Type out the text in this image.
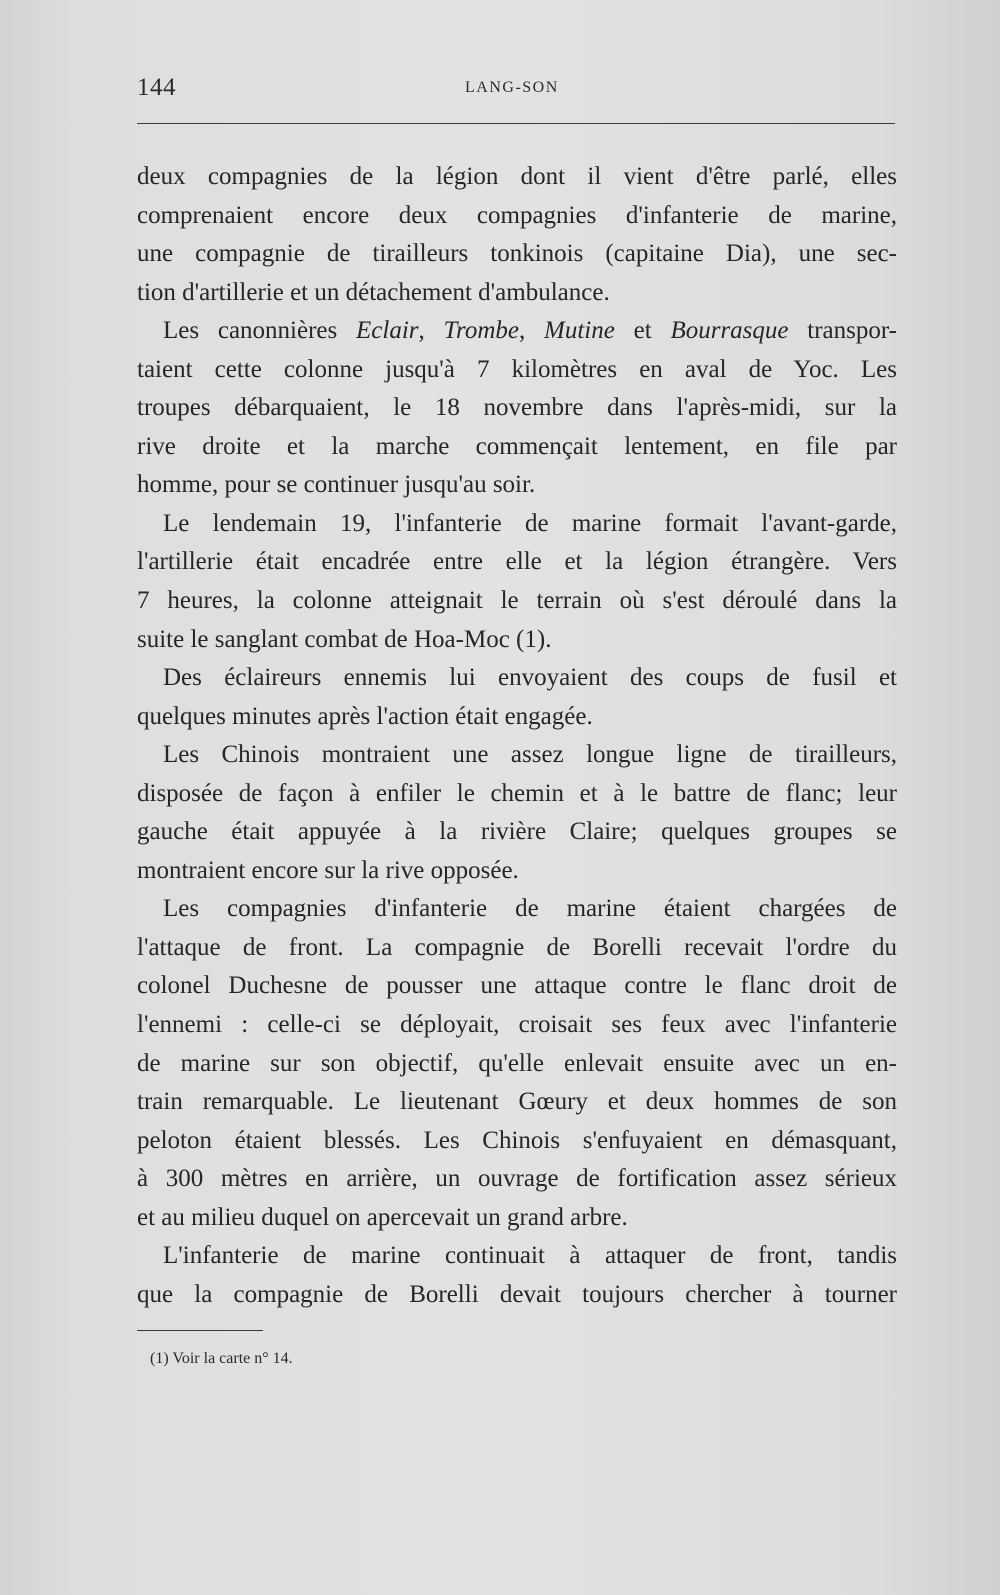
144	LANG-SON
deux compagnies de la légion dont il vient d'être parlé, elles
comprenaient encore deux compagnies d'infanterie de marine,
une compagnie de tirailleurs tonkinois (capitaine Dia), une sec-
tion d'artillerie et un détachement d'ambulance.
Les canonnières Eclair, Trombe, Mutine et Bourrasque transpor-
taient cette colonne jusqu'à 7 kilomètres en aval de Yoc. Les
troupes débarquaient, le 18 novembre dans l'après-midi, sur la
rive droite et la marche commençait lentement, en file par
homme, pour se continuer jusqu'au soir.
Le lendemain 19, l'infanterie de marine formait l'avant-garde,
l'artillerie était encadrée entre elle et la légion étrangère. Vers
7 heures, la colonne atteignait le terrain où s'est déroulé dans la
suite le sanglant combat de Hoa-Moc (1).
Des éclaireurs ennemis lui envoyaient des coups de fusil et
quelques minutes après l'action était engagée.
Les Chinois montraient une assez longue ligne de tirailleurs,
disposée de façon à enfiler le chemin et à le battre de flanc; leur
gauche était appuyée à la rivière Claire; quelques groupes se
montraient encore sur la rive opposée.
Les compagnies d'infanterie de marine étaient chargées de
l'attaque de front. La compagnie de Borelli recevait l'ordre du
colonel Duchesne de pousser une attaque contre le flanc droit de
l'ennemi : celle-ci se déployait, croisait ses feux avec l'infanterie
de marine sur son objectif, qu'elle enlevait ensuite avec un en-
train remarquable. Le lieutenant Gœury et deux hommes de son
peloton étaient blessés. Les Chinois s'enfuyaient en démasquant,
à 300 mètres en arrière, un ouvrage de fortification assez sérieux
et au milieu duquel on apercevait un grand arbre.
L'infanterie de marine continuait à attaquer de front, tandis
que la compagnie de Borelli devait toujours chercher à tourner
(1) Voir la carte n° 14.
